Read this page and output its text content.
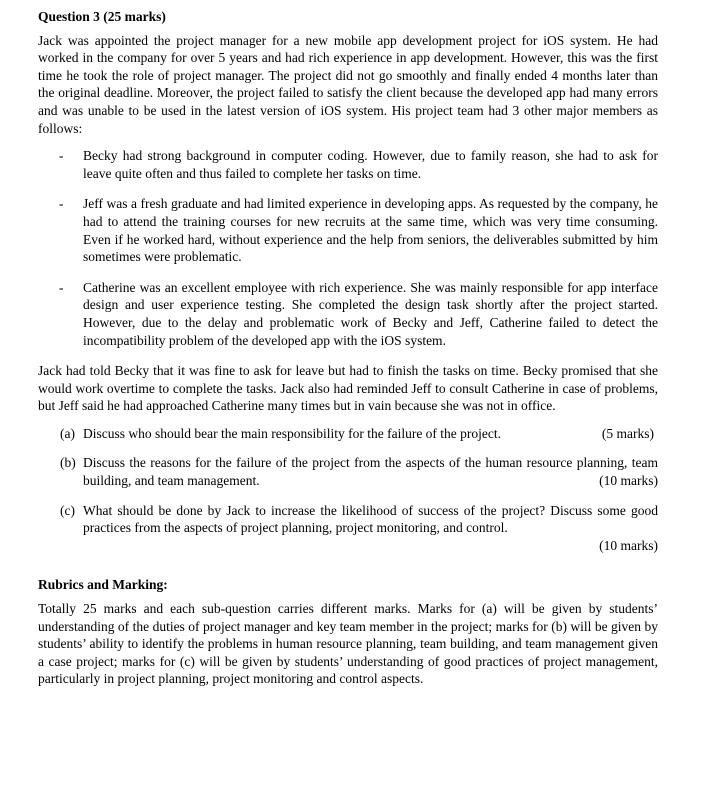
Question 3 (25 marks)

Jack was appointed the project manager for a new mobile app development project for iOS system. He had worked in the company for over 5 years and had rich experience in app development. However, this was the first time he took the role of project manager. The project did not go smoothly and finally ended 4 months later than the original deadline. Moreover, the project failed to satisfy the client because the developed app had many errors and was unable to be used in the latest version of iOS system. His project team had 3 other major members as follows:

- Becky had strong background in computer coding. However, due to family reason, she had to ask for leave quite often and thus failed to complete her tasks on time.
- Jeff was a fresh graduate and had limited experience in developing apps. As requested by the company, he had to attend the training courses for new recruits at the same time, which was very time consuming. Even if he worked hard, without experience and the help from seniors, the deliverables submitted by him sometimes were problematic.
- Catherine was an excellent employee with rich experience. She was mainly responsible for app interface design and user experience testing. She completed the design task shortly after the project started. However, due to the delay and problematic work of Becky and Jeff, Catherine failed to detect the incompatibility problem of the developed app with the iOS system.

Jack had told Becky that it was fine to ask for leave but had to finish the tasks on time. Becky promised that she would work overtime to complete the tasks. Jack also had reminded Jeff to consult Catherine in case of problems, but Jeff said he had approached Catherine many times but in vain because she was not in office.

(a)	(5 marks)
Discuss who should bear the main responsibility for the failure of the project.
(b) Discuss the reasons for the failure of the project from the aspects of the human resource planning, team building, and team management.	(10 marks)
(c) What should be done by Jack to increase the likelihood of success of the project? Discuss some good practices from the aspects of project planning, project monitoring, and control.
(10 marks)
Rubrics and Marking:

Totally 25 marks and each sub-question carries different marks. Marks for (a) will be given by students’ understanding of the duties of project manager and key team member in the project; marks for (b) will be given by students’ ability to identify the problems in human resource planning, team building, and team management given a case project; marks for (c) will be given by students’ understanding of good practices of project management, particularly in project planning, project monitoring and control aspects.
